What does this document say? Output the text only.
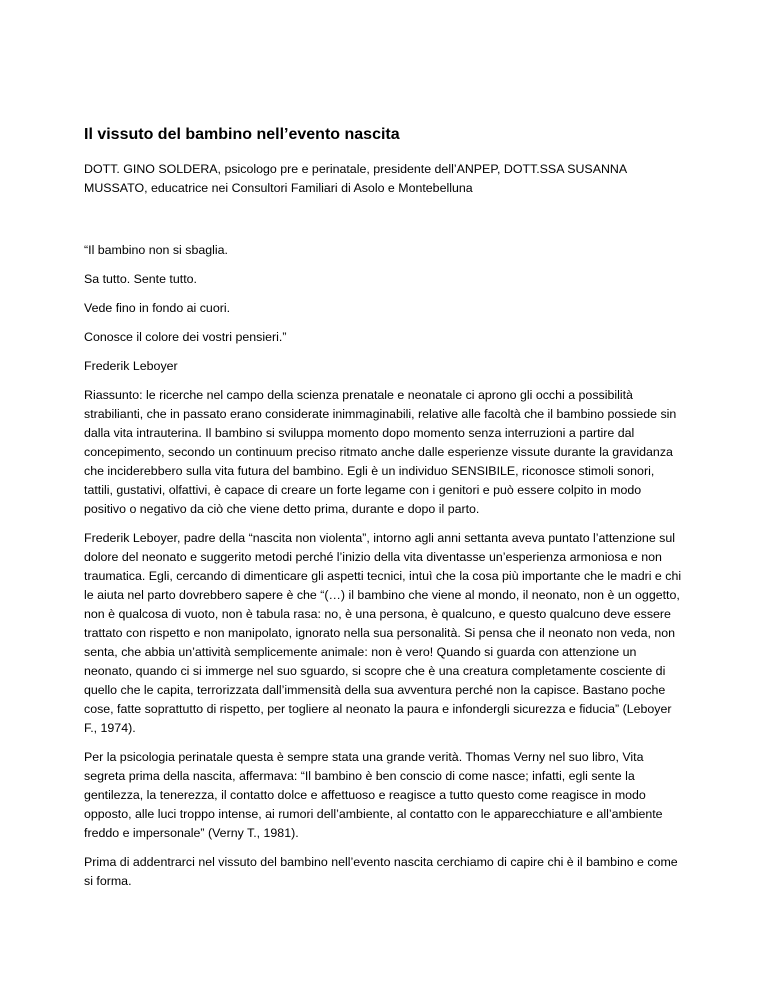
Il vissuto del bambino nell’evento nascita

DOTT. GINO SOLDERA, psicologo pre e perinatale, presidente dell’ANPEP, DOTT.SSA SUSANNA MUSSATO, educatrice nei Consultori Familiari di Asolo e Montebelluna

“Il bambino non si sbaglia.

Sa tutto. Sente tutto.

Vede fino in fondo ai cuori.

Conosce il colore dei vostri pensieri.”

Frederik Leboyer

Riassunto: le ricerche nel campo della scienza prenatale e neonatale ci aprono gli occhi a possibilità strabilianti, che in passato erano considerate inimmaginabili, relative alle facoltà che il bambino possiede sin dalla vita intrauterina. Il bambino si sviluppa momento dopo momento senza interruzioni a partire dal concepimento, secondo un continuum preciso ritmato anche dalle esperienze vissute durante la gravidanza che inciderebbero sulla vita futura del bambino. Egli è un individuo SENSIBILE, riconosce stimoli sonori, tattili, gustativi, olfattivi, è capace di creare un forte legame con i genitori e può essere colpito in modo positivo o negativo da ciò che viene detto prima, durante e dopo il parto.

Frederik Leboyer, padre della “nascita non violenta”, intorno agli anni settanta aveva puntato l’attenzione sul dolore del neonato e suggerito metodi perché l’inizio della vita diventasse un’esperienza armoniosa e non traumatica. Egli, cercando di dimenticare gli aspetti tecnici, intuì che la cosa più importante che le madri e chi le aiuta nel parto dovrebbero sapere è che “(…) il bambino che viene al mondo, il neonato, non è un oggetto, non è qualcosa di vuoto, non è tabula rasa: no, è una persona, è qualcuno, e questo qualcuno deve essere trattato con rispetto e non manipolato, ignorato nella sua personalità. Si pensa che il neonato non veda, non senta, che abbia un’attività semplicemente animale: non è vero! Quando si guarda con attenzione un neonato, quando ci si immerge nel suo sguardo, si scopre che è una creatura completamente cosciente di quello che le capita, terrorizzata dall’immensità della sua avventura perché non la capisce. Bastano poche cose, fatte soprattutto di rispetto, per togliere al neonato la paura e infondergli sicurezza e fiducia” (Leboyer F., 1974).

Per la psicologia perinatale questa è sempre stata una grande verità. Thomas Verny nel suo libro, Vita segreta prima della nascita, affermava: “Il bambino è ben conscio di come nasce; infatti, egli sente la gentilezza, la tenerezza, il contatto dolce e affettuoso e reagisce a tutto questo come reagisce in modo opposto, alle luci troppo intense, ai rumori dell’ambiente, al contatto con le apparecchiature e all’ambiente freddo e impersonale” (Verny T., 1981).

Prima di addentrarci nel vissuto del bambino nell’evento nascita cerchiamo di capire chi è il bambino e come si forma.
